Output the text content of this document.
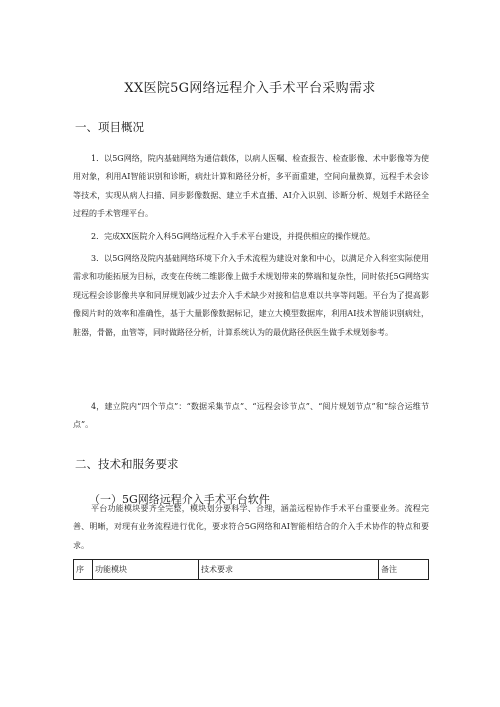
XX医院5G网络远程介入手术平台采购需求
一、项目概况

1．以5G网络，院内基础网络为通信载体，以病人医嘱、检查报告、检查影像、术中影像等为使用对象，利用AI智能识别和诊断，病灶计算和路径分析，多平面重建，空间向量换算，远程手术会诊等技术，实现从病人扫描、同步影像数据、建立手术直播、AI介入识别、诊断分析、规划手术路径全过程的手术管理平台。

2．完成XX医院介入科5G网络远程介入手术平台建设，并提供相应的操作规范。

3．以5G网络及院内基础网络环境下介入手术流程为建设对象和中心，以满足介入科室实际使用需求和功能拓展为目标，改变在传统二维影像上做手术规划带来的弊端和复杂性，同时依托5G网络实现远程会诊影像共享和同屏规划减少过去介入手术缺少对接和信息难以共享等问题。平台为了提高影像阅片时的效率和准确性，基于大量影像数据标记，建立大模型数据库，利用AI技术智能识别病灶，脏器，骨骼，血管等，同时做路径分析，计算系统认为的最优路径供医生做手术规划参考。

4，建立院内“四个节点”：“数据采集节点”、“远程会诊节点”、“阅片规划节点”和“综合运维节点”。

二、技术和服务要求
（一）5G网络远程介入手术平台软件

平台功能模块要齐全完整，模块划分要科学、合理，涵盖远程协作手术平台重要业务。流程完善、明晰，对现有业务流程进行优化，要求符合5G网络和AI智能相结合的介入手术协作的特点和要求。

序	功能模块	技术要求	备注
